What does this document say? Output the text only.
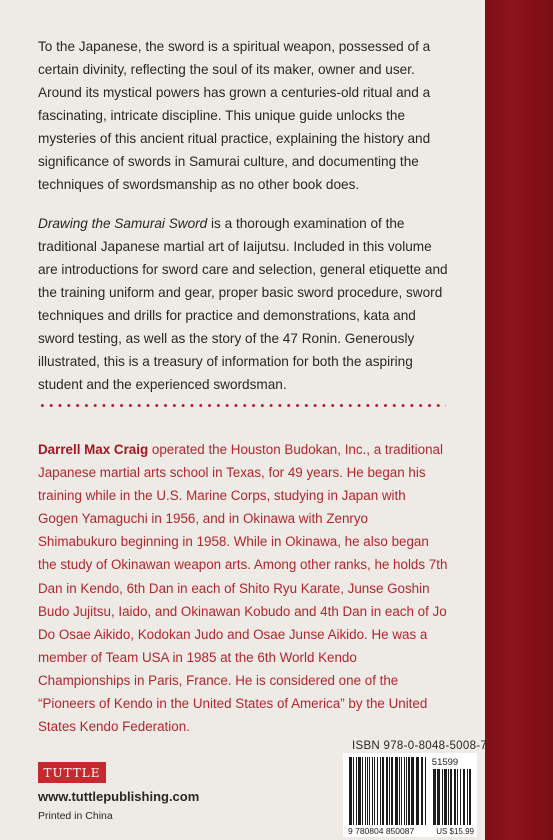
To the Japanese, the sword is a spiritual weapon, possessed of a certain divinity, reflecting the soul of its maker, owner and user. Around its mystical powers has grown a centuries-old ritual and a fascinating, intricate discipline. This unique guide unlocks the mysteries of this ancient ritual practice, explaining the history and significance of swords in Samurai culture, and documenting the techniques of swordsmanship as no other book does.

Drawing the Samurai Sword is a thorough examination of the traditional Japanese martial art of Iaijutsu. Included in this volume are introductions for sword care and selection, general etiquette and the training uniform and gear, proper basic sword procedure, sword techniques and drills for practice and demonstrations, kata and sword testing, as well as the story of the 47 Ronin. Generously illustrated, this is a treasury of information for both the aspiring student and the experienced swordsman.

Darrell Max Craig operated the Houston Budokan, Inc., a traditional Japanese martial arts school in Texas, for 49 years. He began his training while in the U.S. Marine Corps, studying in Japan with Gogen Yamaguchi in 1956, and in Okinawa with Zenryo Shimabukuro beginning in 1958. While in Okinawa, he also began the study of Okinawan weapon arts. Among other ranks, he holds 7th Dan in Kendo, 6th Dan in each of Shito Ryu Karate, Junse Goshin Budo Jujitsu, Iaido, and Okinawan Kobudo and 4th Dan in each of Jo Do Osae Aikido, Kodokan Judo and Osae Junse Aikido. He was a member of Team USA in 1985 at the 6th World Kendo Championships in Paris, France. He is considered one of the “Pioneers of Kendo in the United States of America” by the United States Kendo Federation.

ISBN 978-0-8048-5008-7
51599
9 780804 850087	US $15.99
TUTTLE
www.tuttlepublishing.com
Printed in China
